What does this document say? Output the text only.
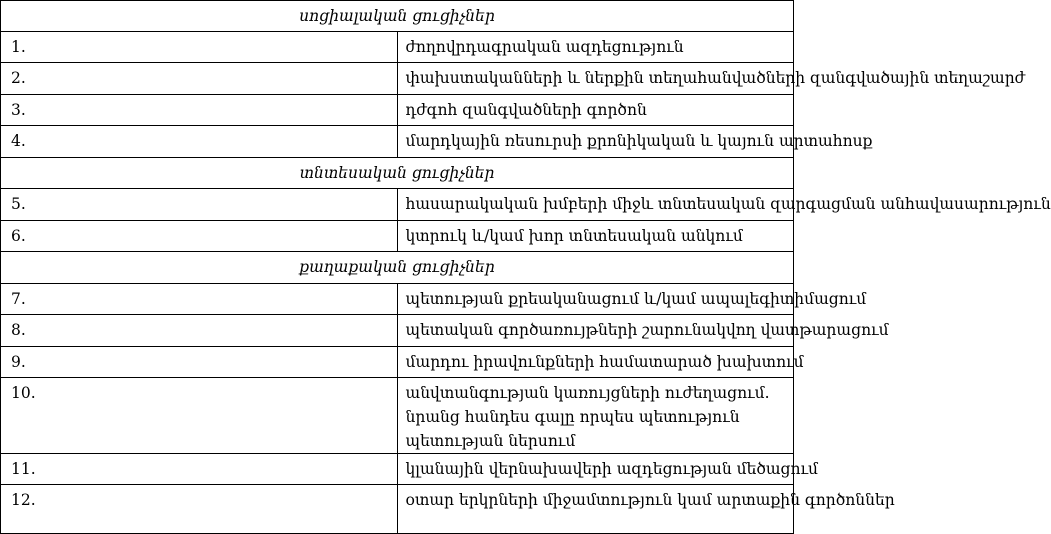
սոցիալական ցուցիչներ	
1.	ժողովրդագրական ազդեցություն
2.	փախստականների և ներքին տեղահանվածների զանգվածային տեղաշարժ
3.	դժգոհ զանգվածների գործոն
4.	մարդկային ռեսուրսի քրոնիկական և կայուն արտահոսք
տնտեսական ցուցիչներ	
5.	հասարակական խմբերի միջև տնտեսական զարգացման անհավասարություն
6.	կտրուկ և/կամ խոր տնտեսական անկում
քաղաքական ցուցիչներ	
7.	պետության քրեականացում և/կամ ապալեգիտիմացում
8.	պետական գործառույթների շարունակվող վատթարացում
9.	մարդու իրավունքների համատարած խախտում
10.	անվտանգության կառույցների ուժեղացում. նրանց հանդես գալը որպես պետություն պետության ներսում
11.	կլանային վերնախավերի ազդեցության մեծացում
12.	օտար երկրների միջամտություն կամ արտաքին գործոններ
